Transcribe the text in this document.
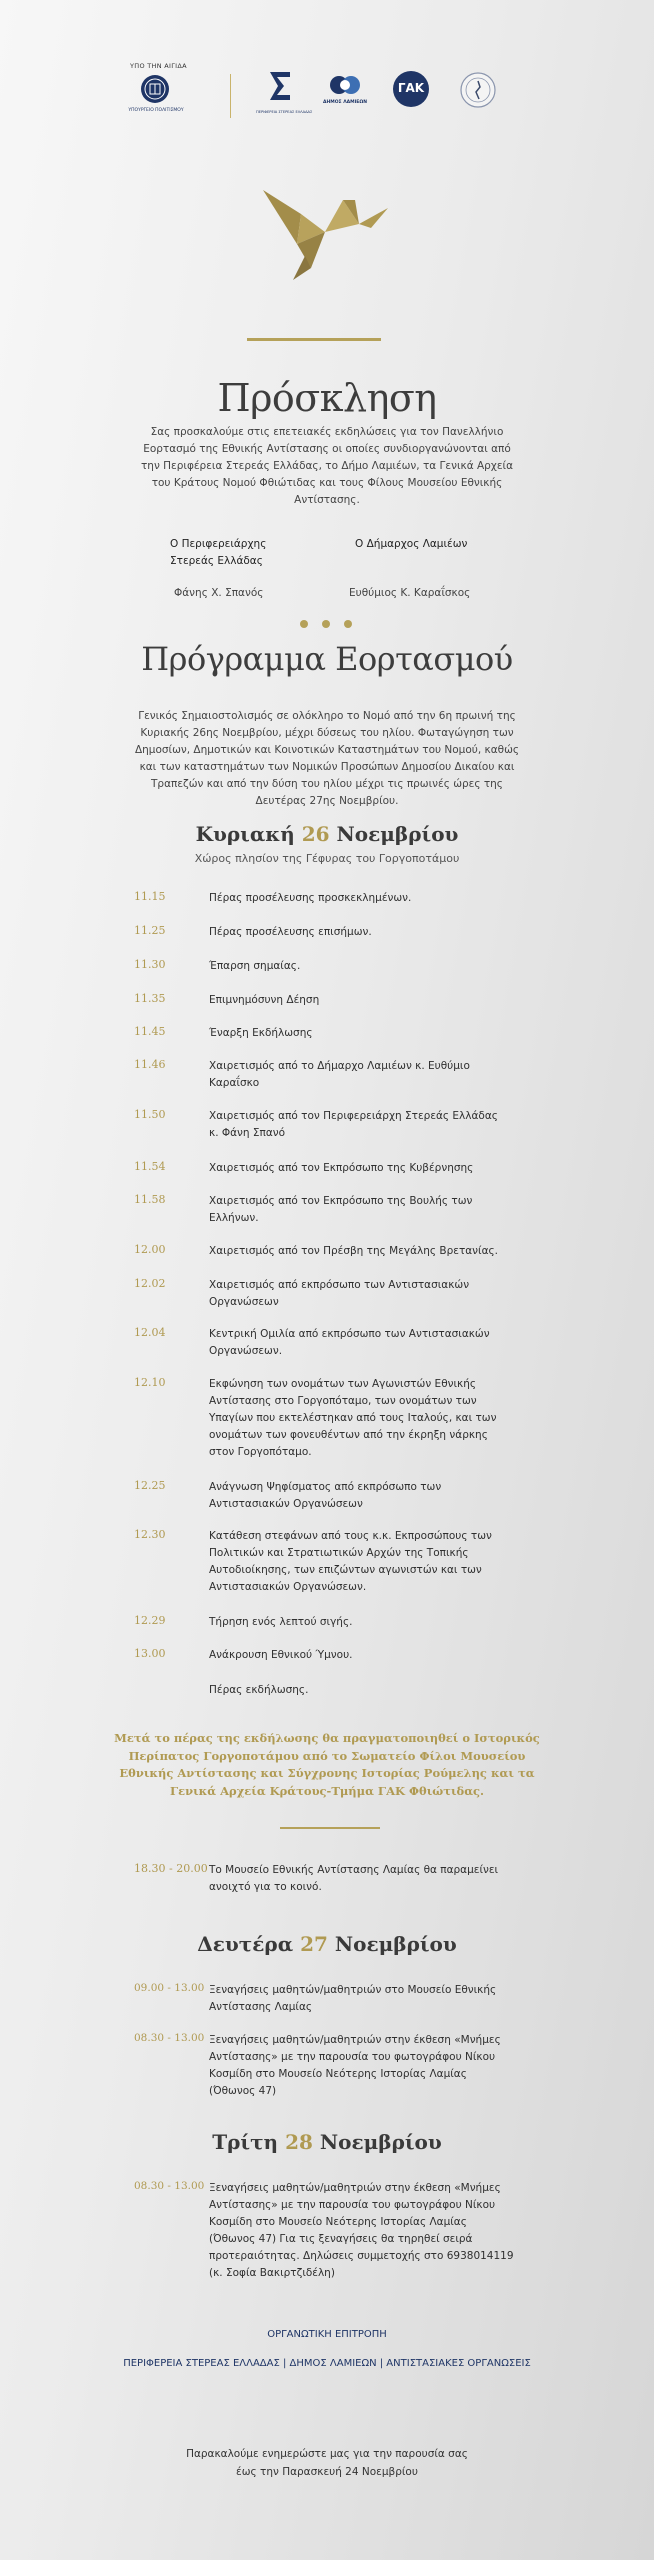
ΥΠΟ ΤΗΝ ΑΙΓΙΔΑ
ΥΠΟΥΡΓΕΙΟ ΠΟΛΙΤΙΣΜΟΥ	ΠΕΡΙΦΕΡΕΙΑ ΣΤΕΡΕΑΣ ΕΛΛΑΔΑΣ
ΔΗΜΟΣ ΛΑΜΙΕΩΝ
ΓΑΚ
Πρόσκληση
Σας προσκαλούμε στις επετειακές εκδηλώσεις για τον Πανελλήνιο Εορτασμό της Εθνικής Αντίστασης οι οποίες συνδιοργανώνονται από την Περιφέρεια Στερεάς Ελλάδας, το Δήμο Λαμιέων, τα Γενικά Αρχεία του Κράτους Νομού Φθιώτιδας και τους Φίλους Μουσείου Εθνικής Αντίστασης.
Ο Περιφερειάρχης
Στερεάς Ελλάδας
Ο Δήμαρχος Λαμιέων
Φάνης Χ. Σπανός	Ευθύμιος Κ. Καραΐσκος
Πρόγραμμα Εορτασμού
Γενικός Σημαιοστολισμός σε ολόκληρο το Νομό από την 6η πρωινή της Κυριακής 26ης Νοεμβρίου, μέχρι δύσεως του ηλίου. Φωταγώγηση των Δημοσίων, Δημοτικών και Κοινοτικών Καταστημάτων του Νομού, καθώς και των καταστημάτων των Νομικών Προσώπων Δημοσίου Δικαίου και Τραπεζών και από την δύση του ηλίου μέχρι τις πρωινές ώρες της Δευτέρας 27ης Νοεμβρίου.
Κυριακή 26 Νοεμβρίου
Χώρος πλησίον της Γέφυρας του Γοργοποτάμου
11.15	Πέρας προσέλευσης προσκεκλημένων.
11.25	Πέρας προσέλευσης επισήμων.
11.30	Έπαρση σημαίας.
11.35	Επιμνημόσυνη Δέηση
11.45	Έναρξη Εκδήλωσης
11.46	Χαιρετισμός από το Δήμαρχο Λαμιέων κ. Ευθύμιο Καραΐσκο
11.50	Χαιρετισμός από τον Περιφερειάρχη Στερεάς Ελλάδας κ. Φάνη Σπανό
11.54	Χαιρετισμός από τον Εκπρόσωπο της Κυβέρνησης
11.58	Χαιρετισμός από τον Εκπρόσωπο της Βουλής των Ελλήνων.
12.00	Χαιρετισμός από τον Πρέσβη της Μεγάλης Βρετανίας.
12.02	Χαιρετισμός από εκπρόσωπο των Αντιστασιακών Οργανώσεων
12.04	Κεντρική Ομιλία από εκπρόσωπο των Αντιστασιακών Οργανώσεων.
12.10	Εκφώνηση των ονομάτων των Αγωνιστών Εθνικής Αντίστασης στο Γοργοπόταμο, των ονομάτων των Υπαγίων που εκτελέστηκαν από τους Ιταλούς, και των ονομάτων των φονευθέντων από την έκρηξη νάρκης στον Γοργοπόταμο.
12.25	Ανάγνωση Ψηφίσματος από εκπρόσωπο των Αντιστασιακών Οργανώσεων
12.30	Κατάθεση στεφάνων από τους κ.κ. Εκπροσώπους των Πολιτικών και Στρατιωτικών Αρχών της Τοπικής Αυτοδιοίκησης, των επιζώντων αγωνιστών και των Αντιστασιακών Οργανώσεων.
12.29	Τήρηση ενός λεπτού σιγής.
13.00	Ανάκρουση Εθνικού Ύμνου.
Πέρας εκδήλωσης.
Μετά το πέρας της εκδήλωσης θα πραγματοποιηθεί ο Ιστορικός Περίπατος Γοργοποτάμου από το Σωματείο Φίλοι Μουσείου Εθνικής Αντίστασης και Σύγχρονης Ιστορίας Ρούμελης και τα Γενικά Αρχεία Κράτους-Τμήμα ΓΑΚ Φθιώτιδας.
18.30 - 20.00 Το Μουσείο Εθνικής Αντίστασης Λαμίας θα παραμείνει ανοιχτό για το κοινό.
Δευτέρα 27 Νοεμβρίου
09.00 - 13.00 Ξεναγήσεις μαθητών/μαθητριών στο Μουσείο Εθνικής Αντίστασης Λαμίας
08.30 - 13.00 Ξεναγήσεις μαθητών/μαθητριών στην έκθεση «Μνήμες Αντίστασης» με την παρουσία του φωτογράφου Νίκου Κοσμίδη στο Μουσείο Νεότερης Ιστορίας Λαμίας (Όθωνος 47)
Τρίτη 28 Νοεμβρίου
08.30 - 13.00 Ξεναγήσεις μαθητών/μαθητριών στην έκθεση «Μνήμες Αντίστασης» με την παρουσία του φωτογράφου Νίκου Κοσμίδη στο Μουσείο Νεότερης Ιστορίας Λαμίας (Όθωνος 47) Για τις ξεναγήσεις θα τηρηθεί σειρά προτεραιότητας. Δηλώσεις συμμετοχής στο 6938014119 (κ. Σοφία Βακιρτζιδέλη)
ΟΡΓΑΝΩΤΙΚΗ ΕΠΙΤΡΟΠΗ
ΠΕΡΙΦΕΡΕΙΑ ΣΤΕΡΕΑΣ ΕΛΛΑΔΑΣ | ΔΗΜΟΣ ΛΑΜΙΕΩΝ | ΑΝΤΙΣΤΑΣΙΑΚΕΣ ΟΡΓΑΝΩΣΕΙΣ
Παρακαλούμε ενημερώστε μας για την παρουσία σας
έως την Παρασκευή 24 Νοεμβρίου
